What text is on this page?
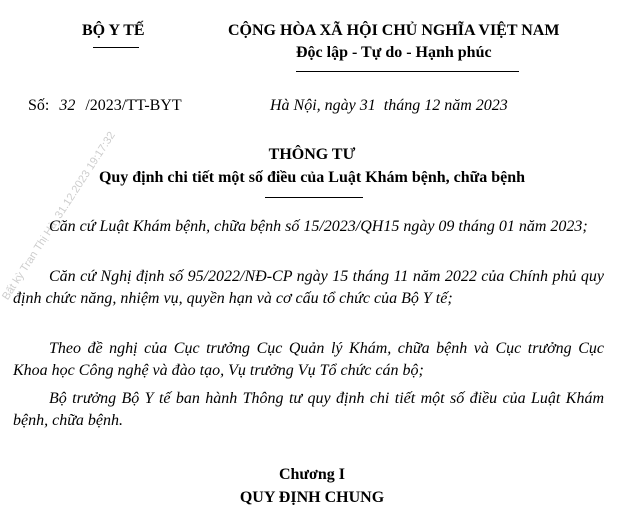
Bất kỳ Tran Thị Hà_31.12.2023 19:17:32
BỘ Y TẾ	CỘNG HÒA XÃ HỘI CHỦ NGHĨA VIỆT NAM
Độc lập - Tự do - Hạnh phúc
Số: 32 /2023/TT-BYT	Hà Nội, ngày 31 tháng 12 năm 2023
THÔNG TƯ
Quy định chi tiết một số điều của Luật Khám bệnh, chữa bệnh
Căn cứ Luật Khám bệnh, chữa bệnh số 15/2023/QH15 ngày 09 tháng 01 năm 2023;
Căn cứ Nghị định số 95/2022/NĐ-CP ngày 15 tháng 11 năm 2022 của Chính phủ quy định chức năng, nhiệm vụ, quyền hạn và cơ cấu tổ chức của Bộ Y tế;
Theo đề nghị của Cục trưởng Cục Quản lý Khám, chữa bệnh và Cục trưởng Cục Khoa học Công nghệ và đào tạo, Vụ trưởng Vụ Tổ chức cán bộ;
Bộ trưởng Bộ Y tế ban hành Thông tư quy định chi tiết một số điều của Luật Khám bệnh, chữa bệnh.
Chương I
QUY ĐỊNH CHUNG
